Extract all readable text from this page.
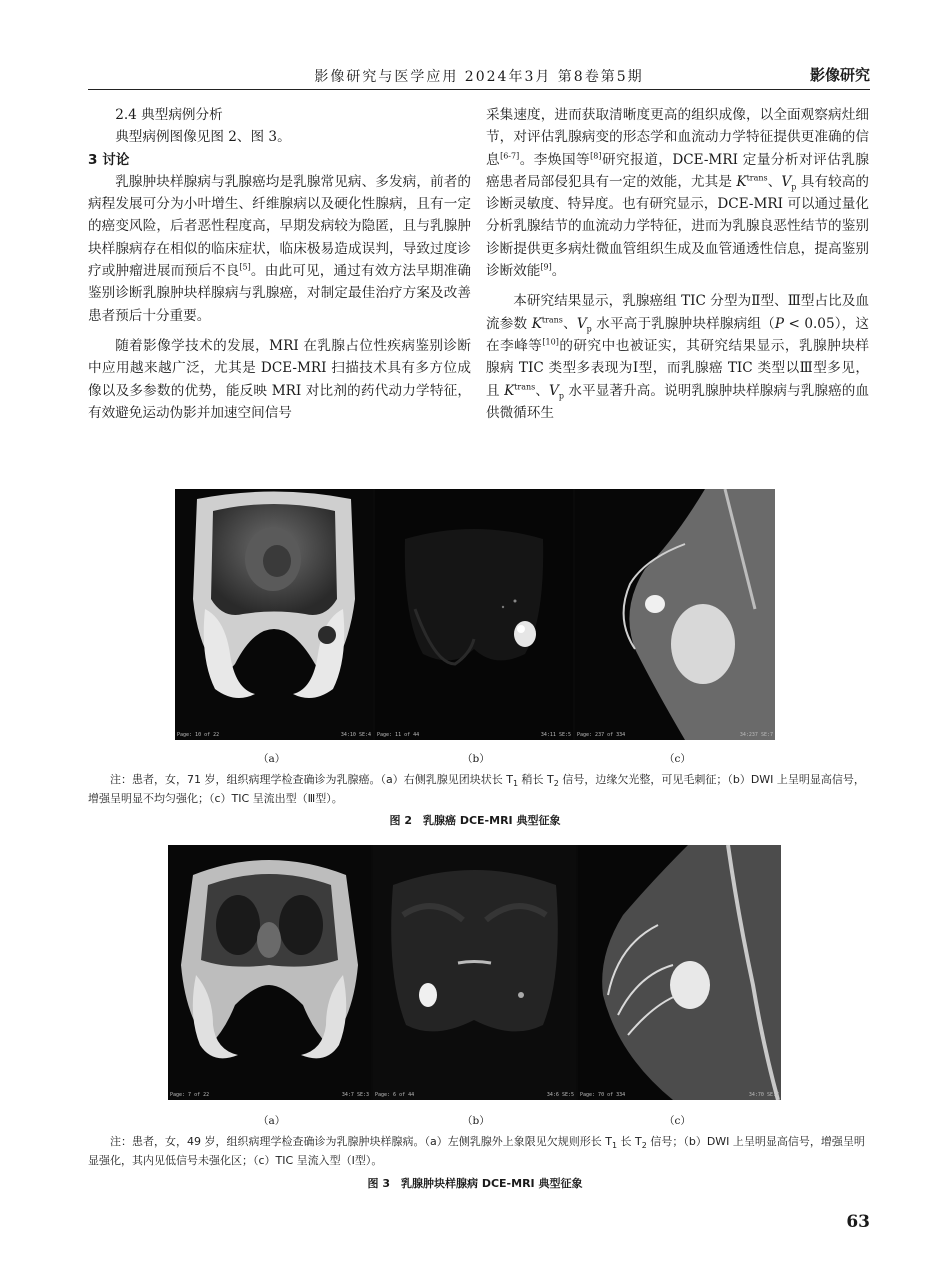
影像研究与医学应用 2024年3月 第8卷第5期	影像研究

2.4 典型病例分析

典型病例图像见图 2、图 3。

3 讨论

乳腺肿块样腺病与乳腺癌均是乳腺常见病、多发病，前者的病程发展可分为小叶增生、纤维腺病以及硬化性腺病，且有一定的癌变风险，后者恶性程度高，早期发病较为隐匿，且与乳腺肿块样腺病存在相似的临床症状，临床极易造成误判，导致过度诊疗或肿瘤进展而预后不良[5]。由此可见，通过有效方法早期准确鉴别诊断乳腺肿块样腺病与乳腺癌，对制定最佳治疗方案及改善患者预后十分重要。

随着影像学技术的发展，MRI 在乳腺占位性疾病鉴别诊断中应用越来越广泛，尤其是 DCE-MRI 扫描技术具有多方位成像以及多参数的优势，能反映 MRI 对比剂的药代动力学特征，有效避免运动伪影并加速空间信号

采集速度，进而获取清晰度更高的组织成像，以全面观察病灶细节，对评估乳腺病变的形态学和血流动力学特征提供更准确的信息[6-7]。李焕国等[8]研究报道，DCE-MRI 定量分析对评估乳腺癌患者局部侵犯具有一定的效能，尤其是 $K^{trans}$、$V_p$ 具有较高的诊断灵敏度、特异度。也有研究显示，DCE-MRI 可以通过量化分析乳腺结节的血流动力学特征，进而为乳腺良恶性结节的鉴别诊断提供更多病灶微血管组织生成及血管通透性信息，提高鉴别诊断效能[9]。

本研究结果显示，乳腺癌组 TIC 分型为Ⅱ型、Ⅲ型占比及血流参数 $K^{trans}$、$V_p$ 水平高于乳腺肿块样腺病组（P < 0.05），这在李峰等[10]的研究中也被证实，其研究结果显示，乳腺肿块样腺病 TIC 类型多表现为Ⅰ型，而乳腺癌 TIC 类型以Ⅲ型多见，且 $K^{trans}$、$V_p$ 水平显著升高。说明乳腺肿块样腺病与乳腺癌的血供微循环生

Page: 10 of 22	34:10 SE:4 Page: 11 of 44	34:11 SE:5 Page: 237 of 334	34:237 SE:7
（a）	（b）	（c）

注：患者，女，71 岁，组织病理学检查确诊为乳腺癌。（a）右侧乳腺见团块状长 $T_1$ 稍长 $T_2$ 信号，边缘欠光整，可见毛刺征；（b）DWI 上呈明显高信号，增强呈明显不均匀强化；（c）TIC 呈流出型（Ⅲ型）。

图 2　乳腺癌 DCE-MRI 典型征象
Page: 7 of 22	34:7 SE:3 Page: 6 of 44	34:6 SE:5 Page: 70 of 334	34:70 SE:7
（a）	（b）	（c）

注：患者，女，49 岁，组织病理学检查确诊为乳腺肿块样腺病。（a）左侧乳腺外上象限见欠规则形长 $T_1$ 长 $T_2$ 信号；（b）DWI 上呈明显高信号，增强呈明显强化，其内见低信号未强化区；（c）TIC 呈流入型（Ⅰ型）。

图 3　乳腺肿块样腺病 DCE-MRI 典型征象
63
